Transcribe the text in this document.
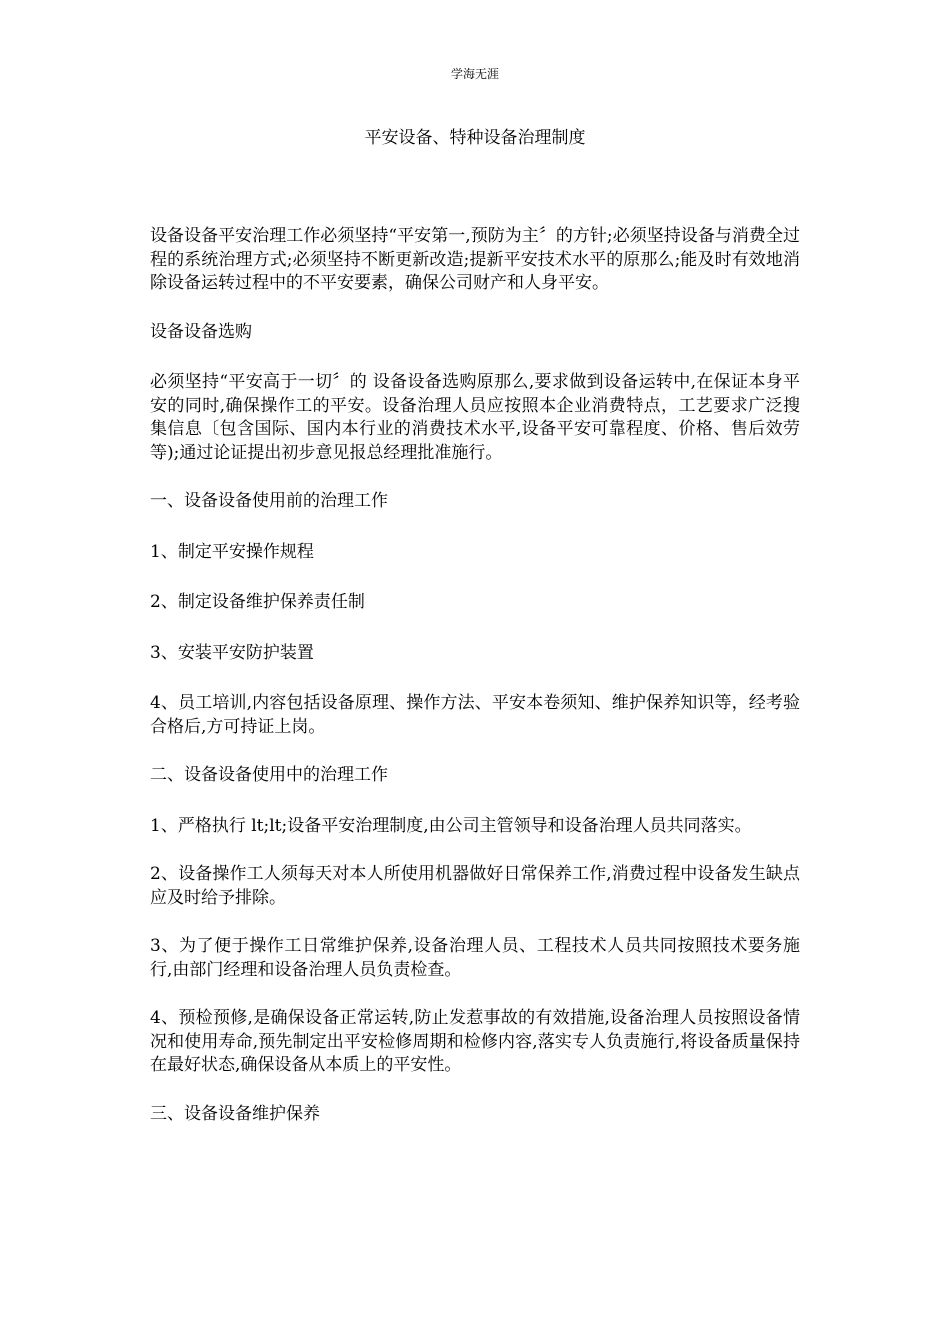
学海无涯
平安设备、特种设备治理制度

设备设备平安治理工作必须坚持“平安第一,预防为主〞的方针;必须坚持设备与消费全过程的系统治理方式;必须坚持不断更新改造;提新平安技术水平的原那么;能及时有效地消除设备运转过程中的不平安要素，确保公司财产和人身平安。

设备设备选购

必须坚持“平安高于一切〞的 设备设备选购原那么,要求做到设备运转中,在保证本身平安的同时,确保操作工的平安。设备治理人员应按照本企业消费特点，工艺要求广泛搜集信息〔包含国际、国内本行业的消费技术水平,设备平安可靠程度、价格、售后效劳等);通过论证提出初步意见报总经理批准施行。

一、设备设备使用前的治理工作

1、制定平安操作规程

2、制定设备维护保养责任制

3、安装平安防护装置

4、员工培训,内容包括设备原理、操作方法、平安本卷须知、维护保养知识等，经考验合格后,方可持证上岗。

二、设备设备使用中的治理工作

1、严格执行 lt;lt;设备平安治理制度,由公司主管领导和设备治理人员共同落实。

2、设备操作工人须每天对本人所使用机器做好日常保养工作,消费过程中设备发生缺点应及时给予排除。

3、为了便于操作工日常维护保养,设备治理人员、工程技术人员共同按照技术要务施行,由部门经理和设备治理人员负责检查。

4、预检预修,是确保设备正常运转,防止发惹事故的有效措施,设备治理人员按照设备情况和使用寿命,预先制定出平安检修周期和检修内容,落实专人负责施行,将设备质量保持在最好状态,确保设备从本质上的平安性。

三、设备设备维护保养
